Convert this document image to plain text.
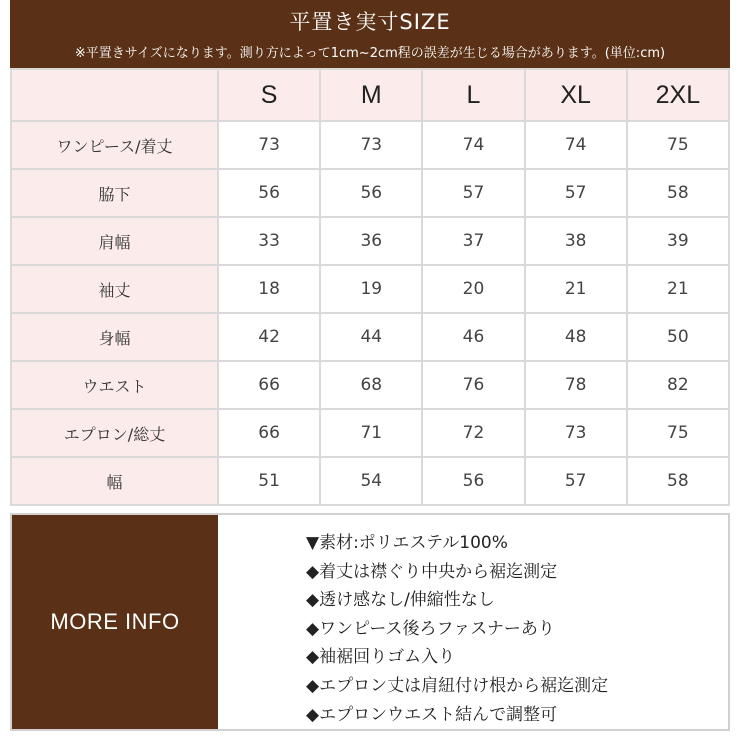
平置き実寸SIZE
※平置きサイズになります。測り方によって1cm~2cm程の誤差が生じる場合があります。(単位:cm)
	S	M	L	XL	2XL
ワンピース/着丈	73	73	74	74	75
脇下	56	56	57	57	58
肩幅	33	36	37	38	39
袖丈	18	19	20	21	21
身幅	42	44	46	48	50
ウエスト	66	68	76	78	82
エプロン/総丈	66	71	72	73	75
幅	51	54	56	57	58
MORE INFO
▼素材:ポリエステル100%
◆着丈は襟ぐり中央から裾迄測定
◆透け感なし/伸縮性なし
◆ワンピース後ろファスナーあり
◆袖裾回りゴム入り
◆エプロン丈は肩紐付け根から裾迄測定
◆エプロンウエスト結んで調整可
